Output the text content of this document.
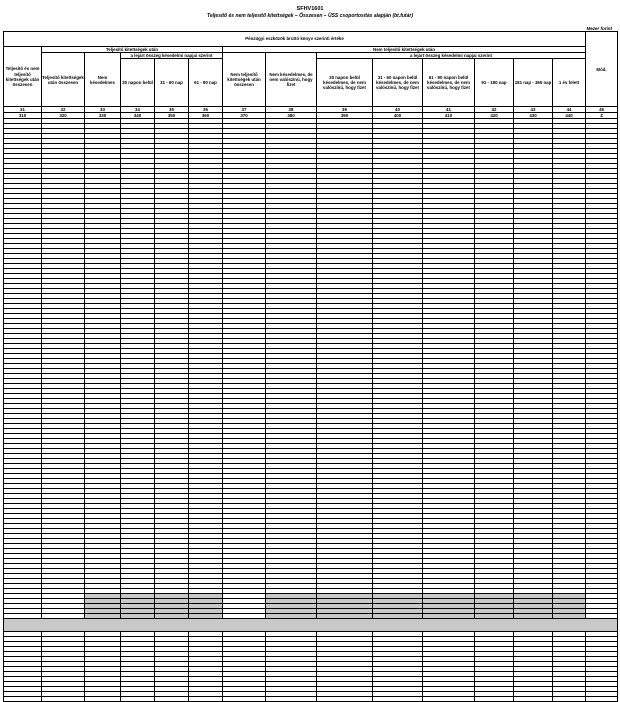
SFHV1601
Teljesítő és nem teljesítő kitettségek – Összesen – ÜSS csoportosítás alapján (bt.futár)
Mezer forint
Pénzügyi eszközök bruttó könyv szerinti értéke														Mód.
Teljesítő és nem teljesítő kitettségek után összesen	Teljesítő kitettségek után					Nem teljesítő kitettségek után								
	Teljesítő kitettségek után összesen	Nem késedelmes	a lejárt összeg késedelmi napjai szerint			Nem teljesítő kitettségek után összesen	Nem késedelmes, de nem valószínű, hogy fizet	a lejárt összeg késedelmi napjai szerint						
			30 napon belül	31 - 60 nap	61 - 90 nap			30 napon belül késedelmes, de nem valószínű, hogy fizet	31 - 60 napon belül késedelmes, de nem valószínű, hogy fizet	61 - 90 napon belül késedelmes, de nem valószínű, hogy fizet	91 - 180 nap	181 nap - 365 nap	1 év felett	
31	32	33	34	35	36	37	38	39	40	41	42	43	44	45
310	320	330	340	350	360	370	380	390	400	410	420	430	440	Z
